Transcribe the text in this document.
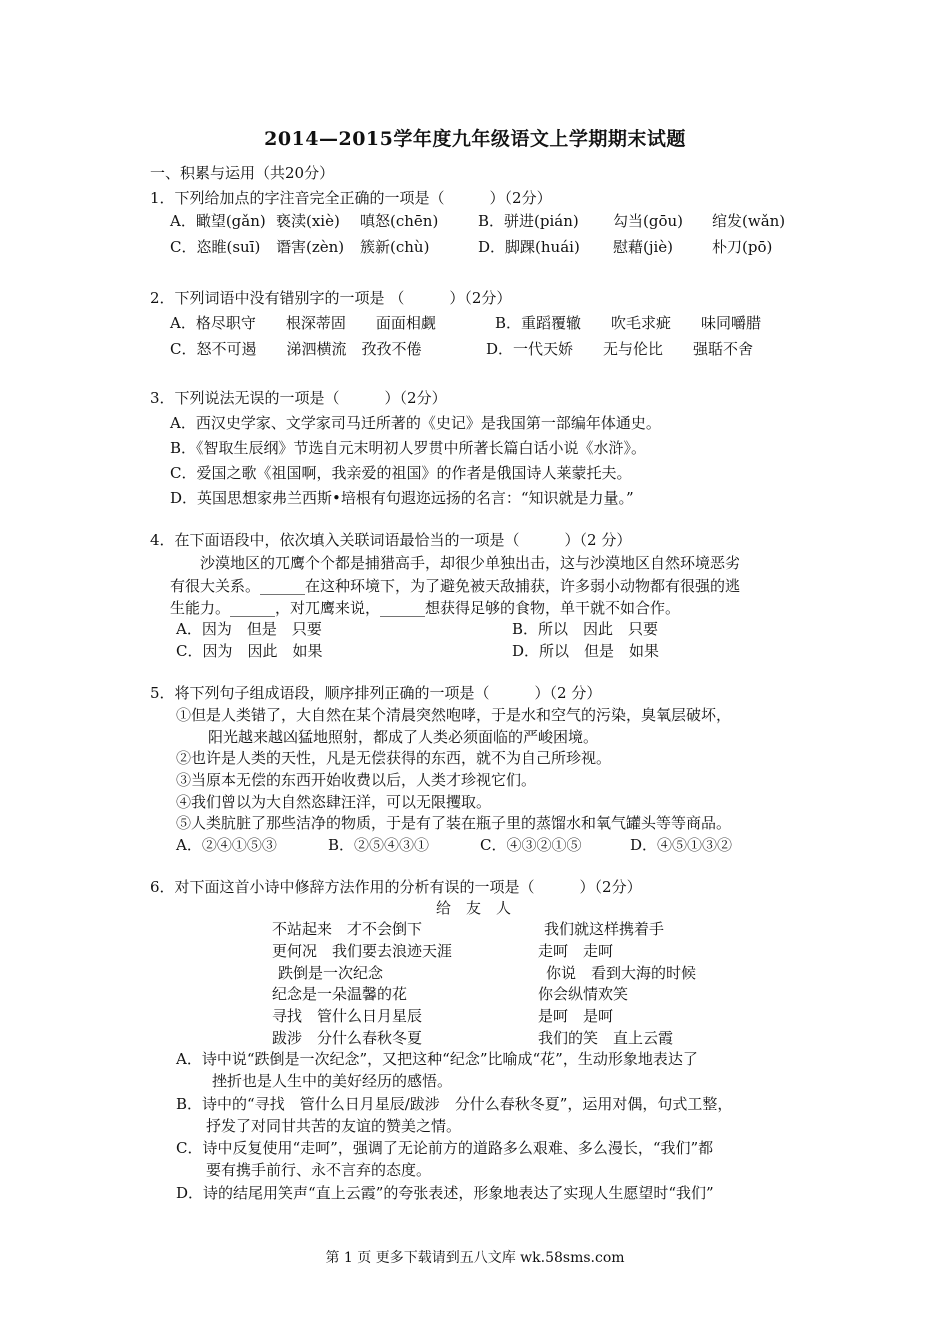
2014—2015学年度九年级语文上学期期末试题
一、积累与运用（共20分）
1．下列给加点的字注音完全正确的一项是（　　　）（2分）
A．瞰望(gǎn) 亵渎(xiè) 嗔怒(chēn)	B．骈进(pián) 勾当(gōu) 绾发(wǎn)
C．恣睢(suī) 谮害(zèn) 簇新(chù)	D．脚踝(huái) 慰藉(jiè)	朴刀(pō)
2．下列词语中没有错别字的一项是 （　　　）（2分）
A．格尽职守　　根深蒂固　　面面相觑	B．重蹈覆辙　　吹毛求疵　　味同嚼腊
C．怒不可遏　　涕泗横流　孜孜不倦	D．一代天娇　　无与伦比　　强聒不舍
3．下列说法无误的一项是（　　　）（2分）
A．西汉史学家、文学家司马迁所著的《史记》是我国第一部编年体通史。
B．《智取生辰纲》节选自元末明初人罗贯中所著长篇白话小说《水浒》。
C．爱国之歌《祖国啊，我亲爱的祖国》的作者是俄国诗人莱蒙托夫。
D．英国思想家弗兰西斯•培根有句遐迩远扬的名言：“知识就是力量。”
4．在下面语段中，依次填入关联词语最恰当的一项是（　　　）（2 分）
　　沙漠地区的兀鹰个个都是捕猎高手，却很少单独出击，这与沙漠地区自然环境恶劣
有很大关系。______在这种环境下，为了避免被天敌捕获，许多弱小动物都有很强的逃
生能力。______，对兀鹰来说，______想获得足够的食物，单干就不如合作。
A．因为　但是　只要	B．所以　因此　只要
C．因为　因此　如果	D．所以　但是　如果
5．将下列句子组成语段，顺序排列正确的一项是（　　　）（2 分）
①但是人类错了，大自然在某个清晨突然咆哮，于是水和空气的污染，臭氧层破坏，
阳光越来越凶猛地照射，都成了人类必须面临的严峻困境。
②也许是人类的天性，凡是无偿获得的东西，就不为自己所珍视。
③当原本无偿的东西开始收费以后，人类才珍视它们。
④我们曾以为大自然恣肆汪洋，可以无限攫取。
⑤人类肮脏了那些洁净的物质，于是有了装在瓶子里的蒸馏水和氧气罐头等等商品。
A．②④①⑤③	B．②⑤④③①	C．④③②①⑤	D．④⑤①③②
6．对下面这首小诗中修辞方法作用的分析有误的一项是（　　　）（2分）
给　友　人
不站起来　才不会倒下
更何况　我们要去浪迹天涯
跌倒是一次纪念
纪念是一朵温馨的花
寻找　管什么日月星辰
跋涉　分什么春秋冬夏
我们就这样携着手
走呵　走呵
你说　看到大海的时候
你会纵情欢笑
是呵　是呵
我们的笑　直上云霞
A．诗中说“跌倒是一次纪念”，又把这种“纪念”比喻成“花”，生动形象地表达了
挫折也是人生中的美好经历的感悟。
B．诗中的“寻找　管什么日月星辰/跋涉　分什么春秋冬夏”，运用对偶，句式工整，
抒发了对同甘共苦的友谊的赞美之情。
C．诗中反复使用“走呵”，强调了无论前方的道路多么艰难、多么漫长，“我们”都
要有携手前行、永不言弃的态度。
D．诗的结尾用笑声“直上云霞”的夸张表述，形象地表达了实现人生愿望时“我们”
第 1 页 更多下载请到五八文库 wk.58sms.com
